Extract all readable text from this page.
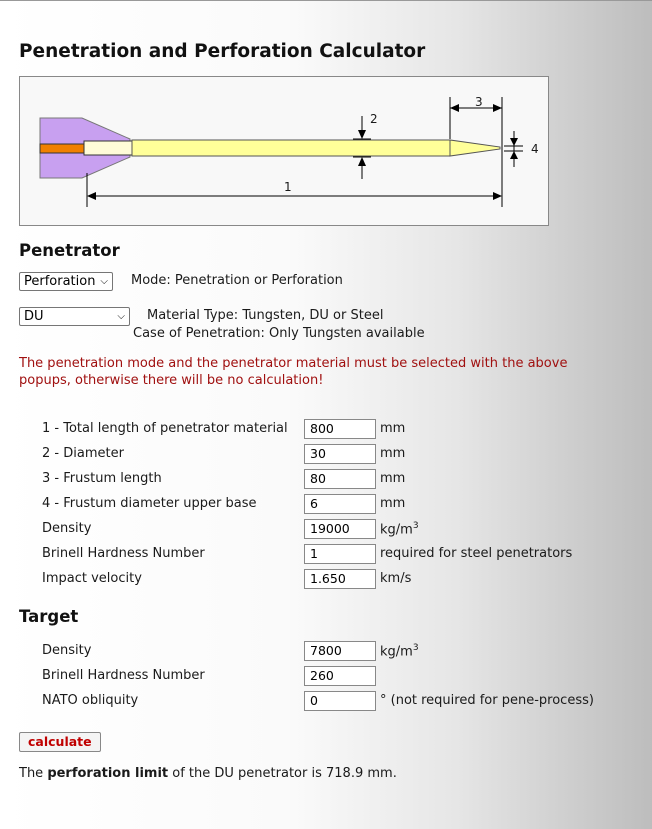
Penetration and Perforation Calculator
1
2
3
4
Penetrator
Perforation ⌵ Mode: Penetration or Perforation
DU	⌵ Material Type: Tungsten, DU or Steel
Case of Penetration: Only Tungsten available
The penetration mode and the penetrator material must be selected with the above popups, otherwise there will be no calculation!
1 - Total length of penetrator material	800	mm
2 - Diameter	30	mm
3 - Frustum length	80	mm
4 - Frustum diameter upper base	6	mm
Density	19000	$kg/m^3$
Brinell Hardness Number	1	required for steel penetrators
Impact velocity	1.650	km/s
Target
Density	7800	$kg/m^3$
Brinell Hardness Number	260
NATO obliquity	0	° (not required for pene-process)
calculate
The perforation limit of the DU penetrator is 718.9 mm.
